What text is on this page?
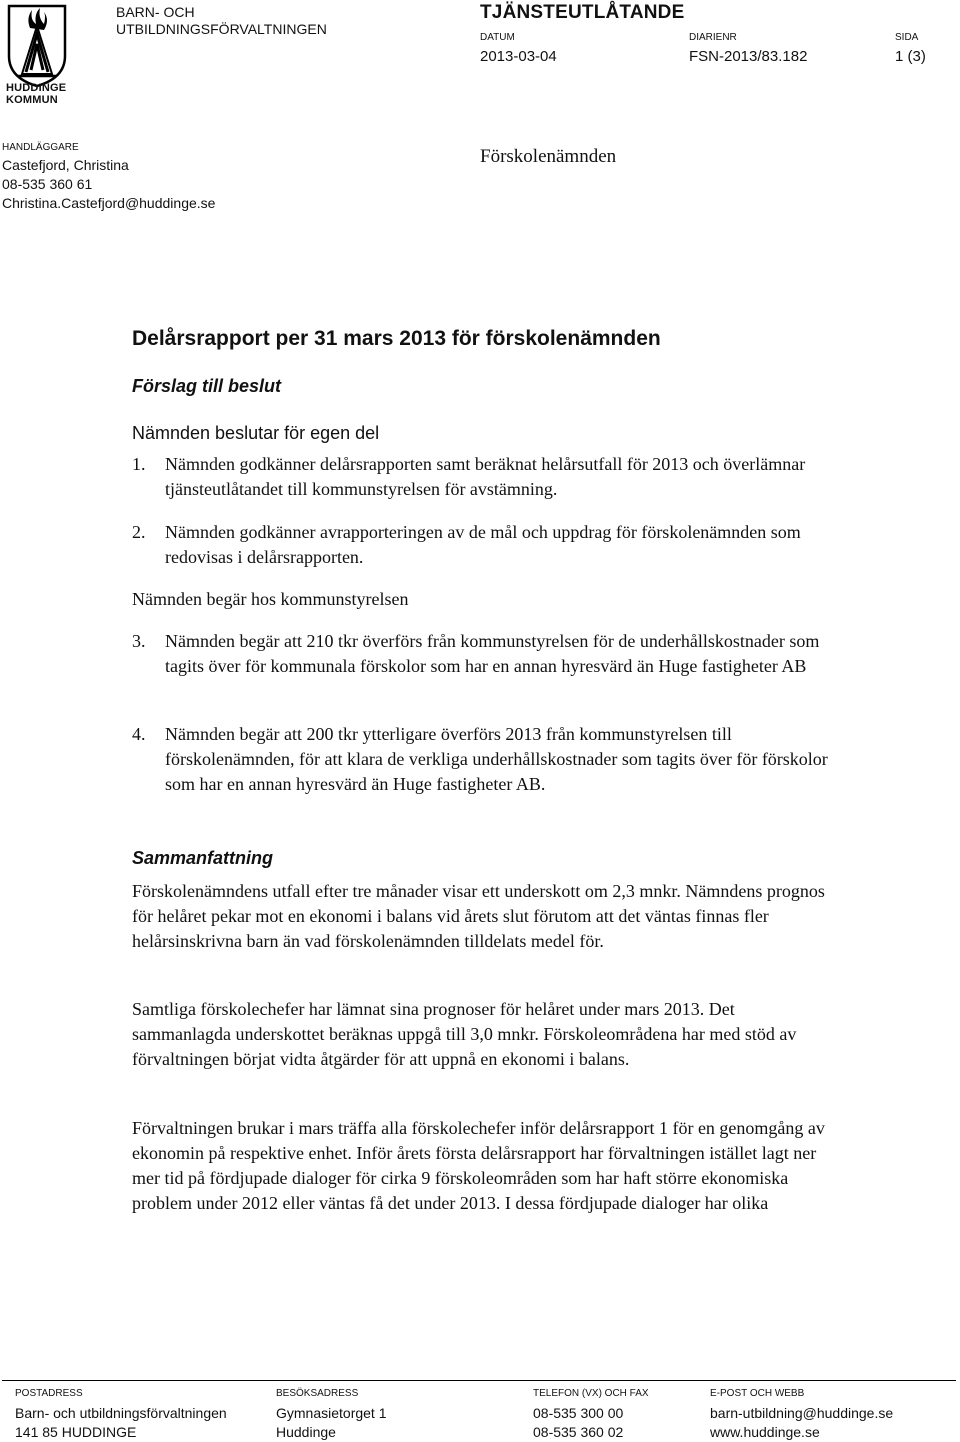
HUDDINGE
KOMMUN
BARN- OCH
UTBILDNINGSFÖRVALTNINGEN
TJÄNSTEUTLÅTANDE
DATUM
2013-03-04
DIARIENR
FSN-2013/83.182
SIDA
1 (3)
HANDLÄGGARE
Castefjord, Christina
08-535 360 61
Christina.Castefjord@huddinge.se
Förskolenämnden
Delårsrapport per 31 mars 2013 för förskolenämnden
Förslag till beslut

Nämnden beslutar för egen del

1.	Nämnden godkänner delårsrapporten samt beräknat helårsutfall för 2013 och överlämnar tjänsteutlåtandet till kommunstyrelsen för avstämning.
2.	Nämnden godkänner avrapporteringen av de mål och uppdrag för förskolenämnden som redovisas i delårsrapporten.

Nämnden begär hos kommunstyrelsen

3.	Nämnden begär att 210 tkr överförs från kommunstyrelsen för de underhållskostnader som tagits över för kommunala förskolor som har en annan hyresvärd än Huge fastigheter AB
4.	Nämnden begär att 200 tkr ytterligare överförs 2013 från kommunstyrelsen till förskolenämnden, för att klara de verkliga underhållskostnader som tagits över för förskolor som har en annan hyresvärd än Huge fastigheter AB.
Sammanfattning

Förskolenämndens utfall efter tre månader visar ett underskott om 2,3 mnkr. Nämndens prognos för helåret pekar mot en ekonomi i balans vid årets slut förutom att det väntas finnas fler helårsinskrivna barn än vad förskolenämnden tilldelats medel för.

Samtliga förskolechefer har lämnat sina prognoser för helåret under mars 2013. Det sammanlagda underskottet beräknas uppgå till 3,0 mnkr. Förskoleområdena har med stöd av förvaltningen börjat vidta åtgärder för att uppnå en ekonomi i balans.

Förvaltningen brukar i mars träffa alla förskolechefer inför delårsrapport 1 för en genomgång av ekonomin på respektive enhet. Inför årets första delårsrapport har förvaltningen istället lagt ner mer tid på fördjupade dialoger för cirka 9 förskoleområden som har haft större ekonomiska problem under 2012 eller väntas få det under 2013. I dessa fördjupade dialoger har olika

POSTADRESS
Barn- och utbildningsförvaltningen
141 85 HUDDINGE
BESÖKSADRESS
Gymnasietorget 1
Huddinge
TELEFON (VX) OCH FAX
08-535 300 00
08-535 360 02
E-POST OCH WEBB
barn-utbildning@huddinge.se
www.huddinge.se
